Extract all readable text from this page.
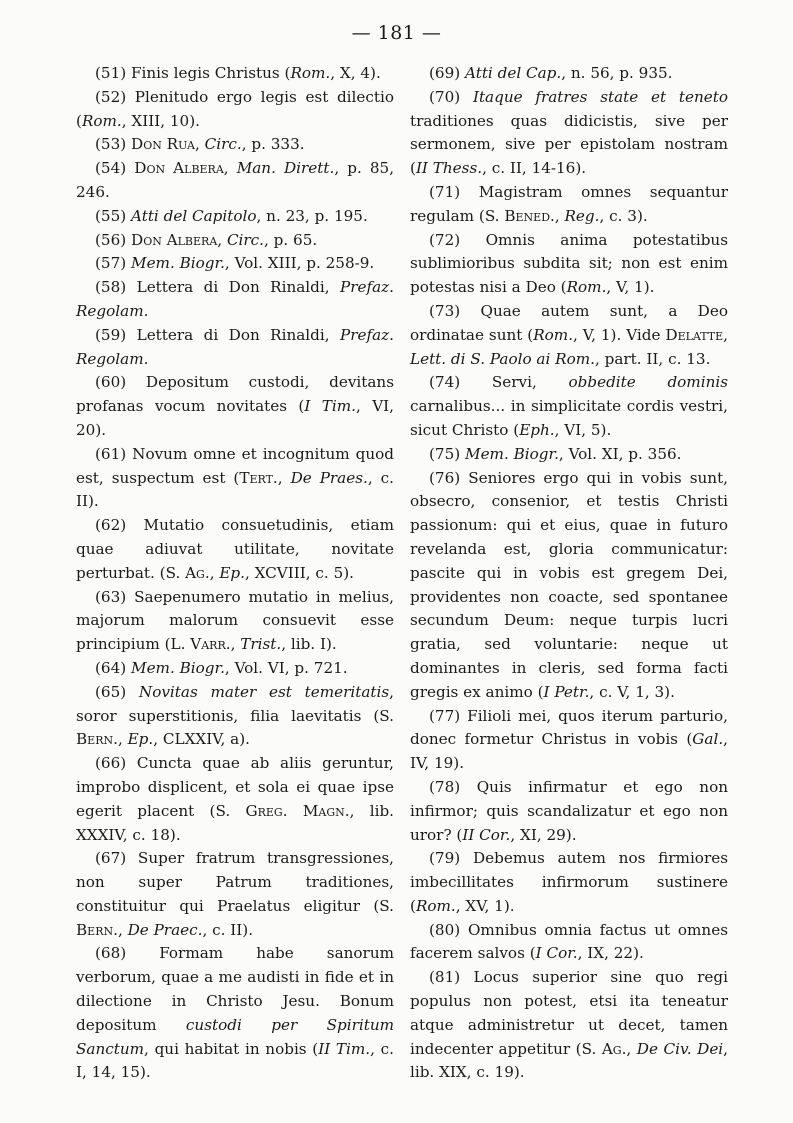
— 181 —

(51) Finis legis Christus (Rom., X, 4).

(52) Plenitudo ergo legis est dilectio (Rom., XIII, 10).

(53) Don Rua, Circ., p. 333.

(54) Don Albera, Man. Dirett., p. 85, 246.

(55) Atti del Capitolo, n. 23, p. 195.

(56) Don Albera, Circ., p. 65.

(57) Mem. Biogr., Vol. XIII, p. 258-9.

(58) Lettera di Don Rinaldi, Prefaz. Regolam.

(59) Lettera di Don Rinaldi, Prefaz. Regolam.

(60) Depositum custodi, devitans profanas vocum novitates (I Tim., VI, 20).

(61) Novum omne et incognitum quod est, suspectum est (Tert., De Praes., c. II).

(62) Mutatio consuetudinis, etiam quae adiuvat utilitate, novitate perturbat. (S. Ag., Ep., XCVIII, c. 5).

(63) Saepenumero mutatio in melius, majorum malorum consuevit esse principium (L. Varr., Trist., lib. I).

(64) Mem. Biogr., Vol. VI, p. 721.

(65) Novitas mater est temeritatis, soror superstitionis, filia laevitatis (S. Bern., Ep., CLXXIV, a).

(66) Cuncta quae ab aliis geruntur, improbo displicent, et sola ei quae ipse egerit placent (S. Greg. Magn., lib. XXXIV, c. 18).

(67) Super fratrum transgressiones, non super Patrum traditiones, constituitur qui Praelatus eligitur (S. Bern., De Praec., c. II).

(68) Formam habe sanorum verborum, quae a me audisti in fide et in dilectione in Christo Jesu. Bonum depositum custodi per Spiritum Sanctum, qui habitat in nobis (II Tim., c. I, 14, 15).

(69) Atti del Cap., n. 56, p. 935.

(70) Itaque fratres state et teneto traditiones quas didicistis, sive per sermonem, sive per epistolam nostram (II Thess., c. II, 14-16).

(71) Magistram omnes sequantur regulam (S. Bened., Reg., c. 3).

(72) Omnis anima potestatibus sublimioribus subdita sit; non est enim potestas nisi a Deo (Rom., V, 1).

(73) Quae autem sunt, a Deo ordinatae sunt (Rom., V, 1). Vide Delatte, Lett. di S. Paolo ai Rom., part. II, c. 13.

(74) Servi, obbedite dominis carnalibus... in simplicitate cordis vestri, sicut Christo (Eph., VI, 5).

(75) Mem. Biogr., Vol. XI, p. 356.

(76) Seniores ergo qui in vobis sunt, obsecro, consenior, et testis Christi passionum: qui et eius, quae in futuro revelanda est, gloria communicatur: pascite qui in vobis est gregem Dei, providentes non coacte, sed spontanee secundum Deum: neque turpis lucri gratia, sed voluntarie: neque ut dominantes in cleris, sed forma facti gregis ex animo (I Petr., c. V, 1, 3).

(77) Filioli mei, quos iterum parturio, donec formetur Christus in vobis (Gal., IV, 19).

(78) Quis infirmatur et ego non infirmor; quis scandalizatur et ego non uror? (II Cor., XI, 29).

(79) Debemus autem nos firmiores imbecillitates infirmorum sustinere (Rom., XV, 1).

(80) Omnibus omnia factus ut omnes facerem salvos (I Cor., IX, 22).

(81) Locus superior sine quo regi populus non potest, etsi ita teneatur atque administretur ut decet, tamen indecenter appetitur (S. Ag., De Civ. Dei, lib. XIX, c. 19).
